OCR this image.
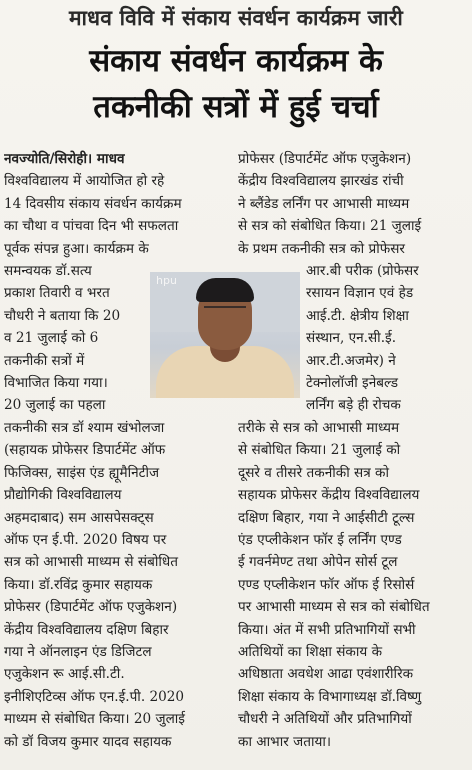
माधव विवि में संकाय संवर्धन कार्यक्रम जारी
संकाय संवर्धन कार्यक्रम के
तकनीकी सत्रों में हुई चर्चा
hpu
नवज्योति/सिरोही। माधव
विश्वविद्यालय में आयोजित हो रहे
14 दिवसीय संकाय संवर्धन कार्यक्रम
का चौथा व पांचवा दिन भी सफलता
पूर्वक संपन्न हुआ। कार्यक्रम के
समन्वयक डॉ.सत्य
प्रकाश तिवारी व भरत
चौधरी ने बताया कि 20
व 21 जुलाई को 6
तकनीकी सत्रों में
विभाजित किया गया।
20 जुलाई का पहला
तकनीकी सत्र डॉ श्याम खंभोलजा
(सहायक प्रोफेसर डिपार्टमेंट ऑफ
फिजिक्स, साइंस एंड ह्यूमैनिटीज
प्रौद्योगिकी विश्वविद्यालय
अहमदाबाद) सम आसपेसक्ट्स
ऑफ एन ई.पी. 2020 विषय पर
सत्र को आभासी माध्यम से संबोधित
किया। डॉ.रविंद्र कुमार सहायक
प्रोफेसर (डिपार्टमेंट ऑफ एजुकेशन)
केंद्रीय विश्वविद्यालय दक्षिण बिहार
गया ने ऑनलाइन एंड डिजिटल
एजुकेशन रू आई.सी.टी.
इनीशिएटिव्स ऑफ एन.ई.पी. 2020
माध्यम से संबोधित किया। 20 जुलाई
को डॉ विजय कुमार यादव सहायक
प्रोफेसर (डिपार्टमेंट ऑफ एजुकेशन)
केंद्रीय विश्वविद्यालय झारखंड रांची
ने ब्लैंडेड लर्निंग पर आभासी माध्यम
से सत्र को संबोधित किया। 21 जुलाई
के प्रथम तकनीकी सत्र को प्रोफेसर
आर.बी परीक (प्रोफेसर
रसायन विज्ञान एवं हेड
आई.टी. क्षेत्रीय शिक्षा
संस्थान, एन.सी.ई.
आर.टी.अजमेर) ने
टेक्नोलॉजी इनेबल्ड
लर्निंग बड़े ही रोचक
तरीके से सत्र को आभासी माध्यम
से संबोधित किया। 21 जुलाई को
दूसरे व तीसरे तकनीकी सत्र को
सहायक प्रोफेसर केंद्रीय विश्वविद्यालय
दक्षिण बिहार, गया ने आईसीटी टूल्स
एंड एप्लीकेशन फॉर ई लर्निंग एण्ड
ई गवर्नमेण्ट तथा ओपेन सोर्स टूल
एण्ड एप्लीकेशन फॉर ऑफ ई रिसोर्स
पर आभासी माध्यम से सत्र को संबोधित
किया। अंत में सभी प्रतिभागियों सभी
अतिथियों का शिक्षा संकाय के
अधिष्ठाता अवधेश आढा एवंशारीरिक
शिक्षा संकाय के विभागाध्यक्ष डॉ.विष्णु
चौधरी ने अतिथियों और प्रतिभागियों
का आभार जताया।
